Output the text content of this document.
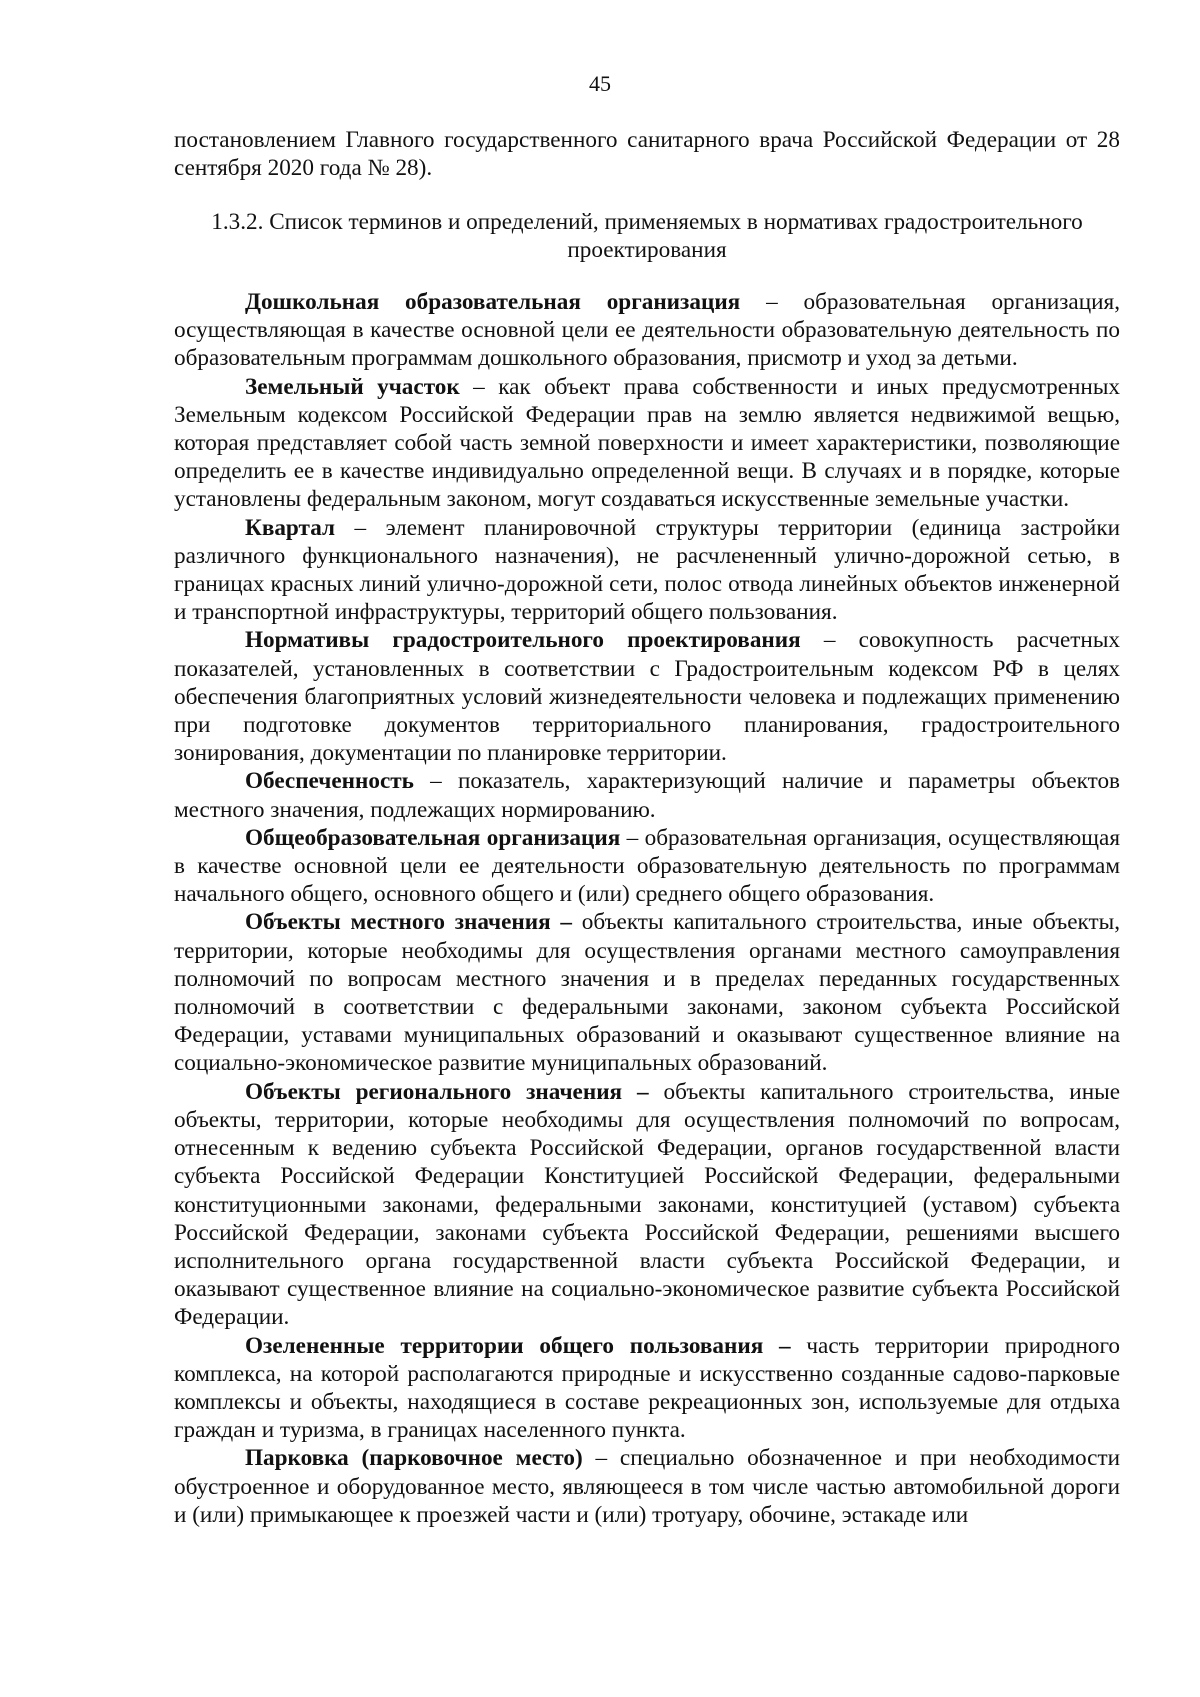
45
постановлением Главного государственного санитарного врача Российской Федерации от 28 сентября 2020 года № 28).
1.3.2. Список терминов и определений, применяемых в нормативах градостроительного проектирования

Дошкольная образовательная организация – образовательная организация, осуществляющая в качестве основной цели ее деятельности образовательную деятельность по образовательным программам дошкольного образования, присмотр и уход за детьми.

Земельный участок – как объект права собственности и иных предусмотренных Земельным кодексом Российской Федерации прав на землю является недвижимой вещью, которая представляет собой часть земной поверхности и имеет характеристики, позволяющие определить ее в качестве индивидуально определенной вещи. В случаях и в порядке, которые установлены федеральным законом, могут создаваться искусственные земельные участки.

Квартал – элемент планировочной структуры территории (единица застройки различного функционального назначения), не расчлененный улично-дорожной сетью, в границах красных линий улично-дорожной сети, полос отвода линейных объектов инженерной и транспортной инфраструктуры, территорий общего пользования.

Нормативы градостроительного проектирования – совокупность расчетных показателей, установленных в соответствии с Градостроительным кодексом РФ в целях обеспечения благоприятных условий жизнедеятельности человека и подлежащих применению при подготовке документов территориального планирования, градостроительного зонирования, документации по планировке территории.

Обеспеченность – показатель, характеризующий наличие и параметры объектов местного значения, подлежащих нормированию.

Общеобразовательная организация – образовательная организация, осуществляющая в качестве основной цели ее деятельности образовательную деятельность по программам начального общего, основного общего и (или) среднего общего образования.

Объекты местного значения – объекты капитального строительства, иные объекты, территории, которые необходимы для осуществления органами местного самоуправления полномочий по вопросам местного значения и в пределах переданных государственных полномочий в соответствии с федеральными законами, законом субъекта Российской Федерации, уставами муниципальных образований и оказывают существенное влияние на социально-экономическое развитие муниципальных образований.

Объекты регионального значения – объекты капитального строительства, иные объекты, территории, которые необходимы для осуществления полномочий по вопросам, отнесенным к ведению субъекта Российской Федерации, органов государственной власти субъекта Российской Федерации Конституцией Российской Федерации, федеральными конституционными законами, федеральными законами, конституцией (уставом) субъекта Российской Федерации, законами субъекта Российской Федерации, решениями высшего исполнительного органа государственной власти субъекта Российской Федерации, и оказывают существенное влияние на социально-экономическое развитие субъекта Российской Федерации.

Озелененные территории общего пользования – часть территории природного комплекса, на которой располагаются природные и искусственно созданные садово-парковые комплексы и объекты, находящиеся в составе рекреационных зон, используемые для отдыха граждан и туризма, в границах населенного пункта.

Парковка (парковочное место) – специально обозначенное и при необходимости обустроенное и оборудованное место, являющееся в том числе частью автомобильной дороги и (или) примыкающее к проезжей части и (или) тротуару, обочине, эстакаде или
